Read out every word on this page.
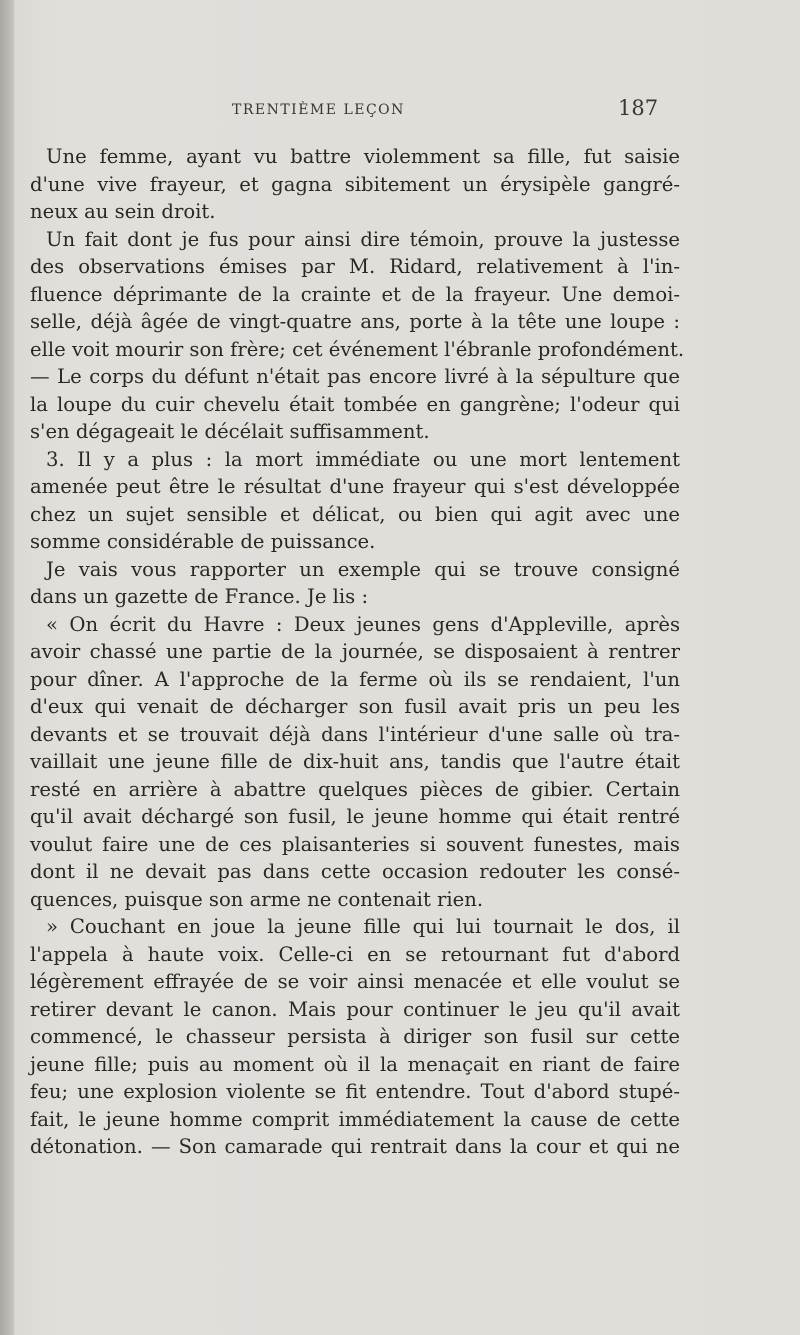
TRENTIÈME LEÇON	187
Une femme, ayant vu battre violemment sa fille, fut saisie
d'une vive frayeur, et gagna sibitement un érysipèle gangré-
neux au sein droit.
Un fait dont je fus pour ainsi dire témoin, prouve la justesse
des observations émises par M. Ridard, relativement à l'in-
fluence déprimante de la crainte et de la frayeur. Une demoi-
selle, déjà âgée de vingt-quatre ans, porte à la tête une loupe :
elle voit mourir son frère; cet événement l'ébranle profondément.
— Le corps du défunt n'était pas encore livré à la sépulture que
la loupe du cuir chevelu était tombée en gangrène; l'odeur qui
s'en dégageait le décélait suffisamment.
3. Il y a plus : la mort immédiate ou une mort lentement
amenée peut être le résultat d'une frayeur qui s'est développée
chez un sujet sensible et délicat, ou bien qui agit avec une
somme considérable de puissance.
Je vais vous rapporter un exemple qui se trouve consigné
dans un gazette de France. Je lis :
« On écrit du Havre : Deux jeunes gens d'Appleville, après
avoir chassé une partie de la journée, se disposaient à rentrer
pour dîner. A l'approche de la ferme où ils se rendaient, l'un
d'eux qui venait de décharger son fusil avait pris un peu les
devants et se trouvait déjà dans l'intérieur d'une salle où tra-
vaillait une jeune fille de dix-huit ans, tandis que l'autre était
resté en arrière à abattre quelques pièces de gibier. Certain
qu'il avait déchargé son fusil, le jeune homme qui était rentré
voulut faire une de ces plaisanteries si souvent funestes, mais
dont il ne devait pas dans cette occasion redouter les consé-
quences, puisque son arme ne contenait rien.
» Couchant en joue la jeune fille qui lui tournait le dos, il
l'appela à haute voix. Celle-ci en se retournant fut d'abord
légèrement effrayée de se voir ainsi menacée et elle voulut se
retirer devant le canon. Mais pour continuer le jeu qu'il avait
commencé, le chasseur persista à diriger son fusil sur cette
jeune fille; puis au moment où il la menaçait en riant de faire
feu; une explosion violente se fit entendre. Tout d'abord stupé-
fait, le jeune homme comprit immédiatement la cause de cette
détonation. — Son camarade qui rentrait dans la cour et qui ne
